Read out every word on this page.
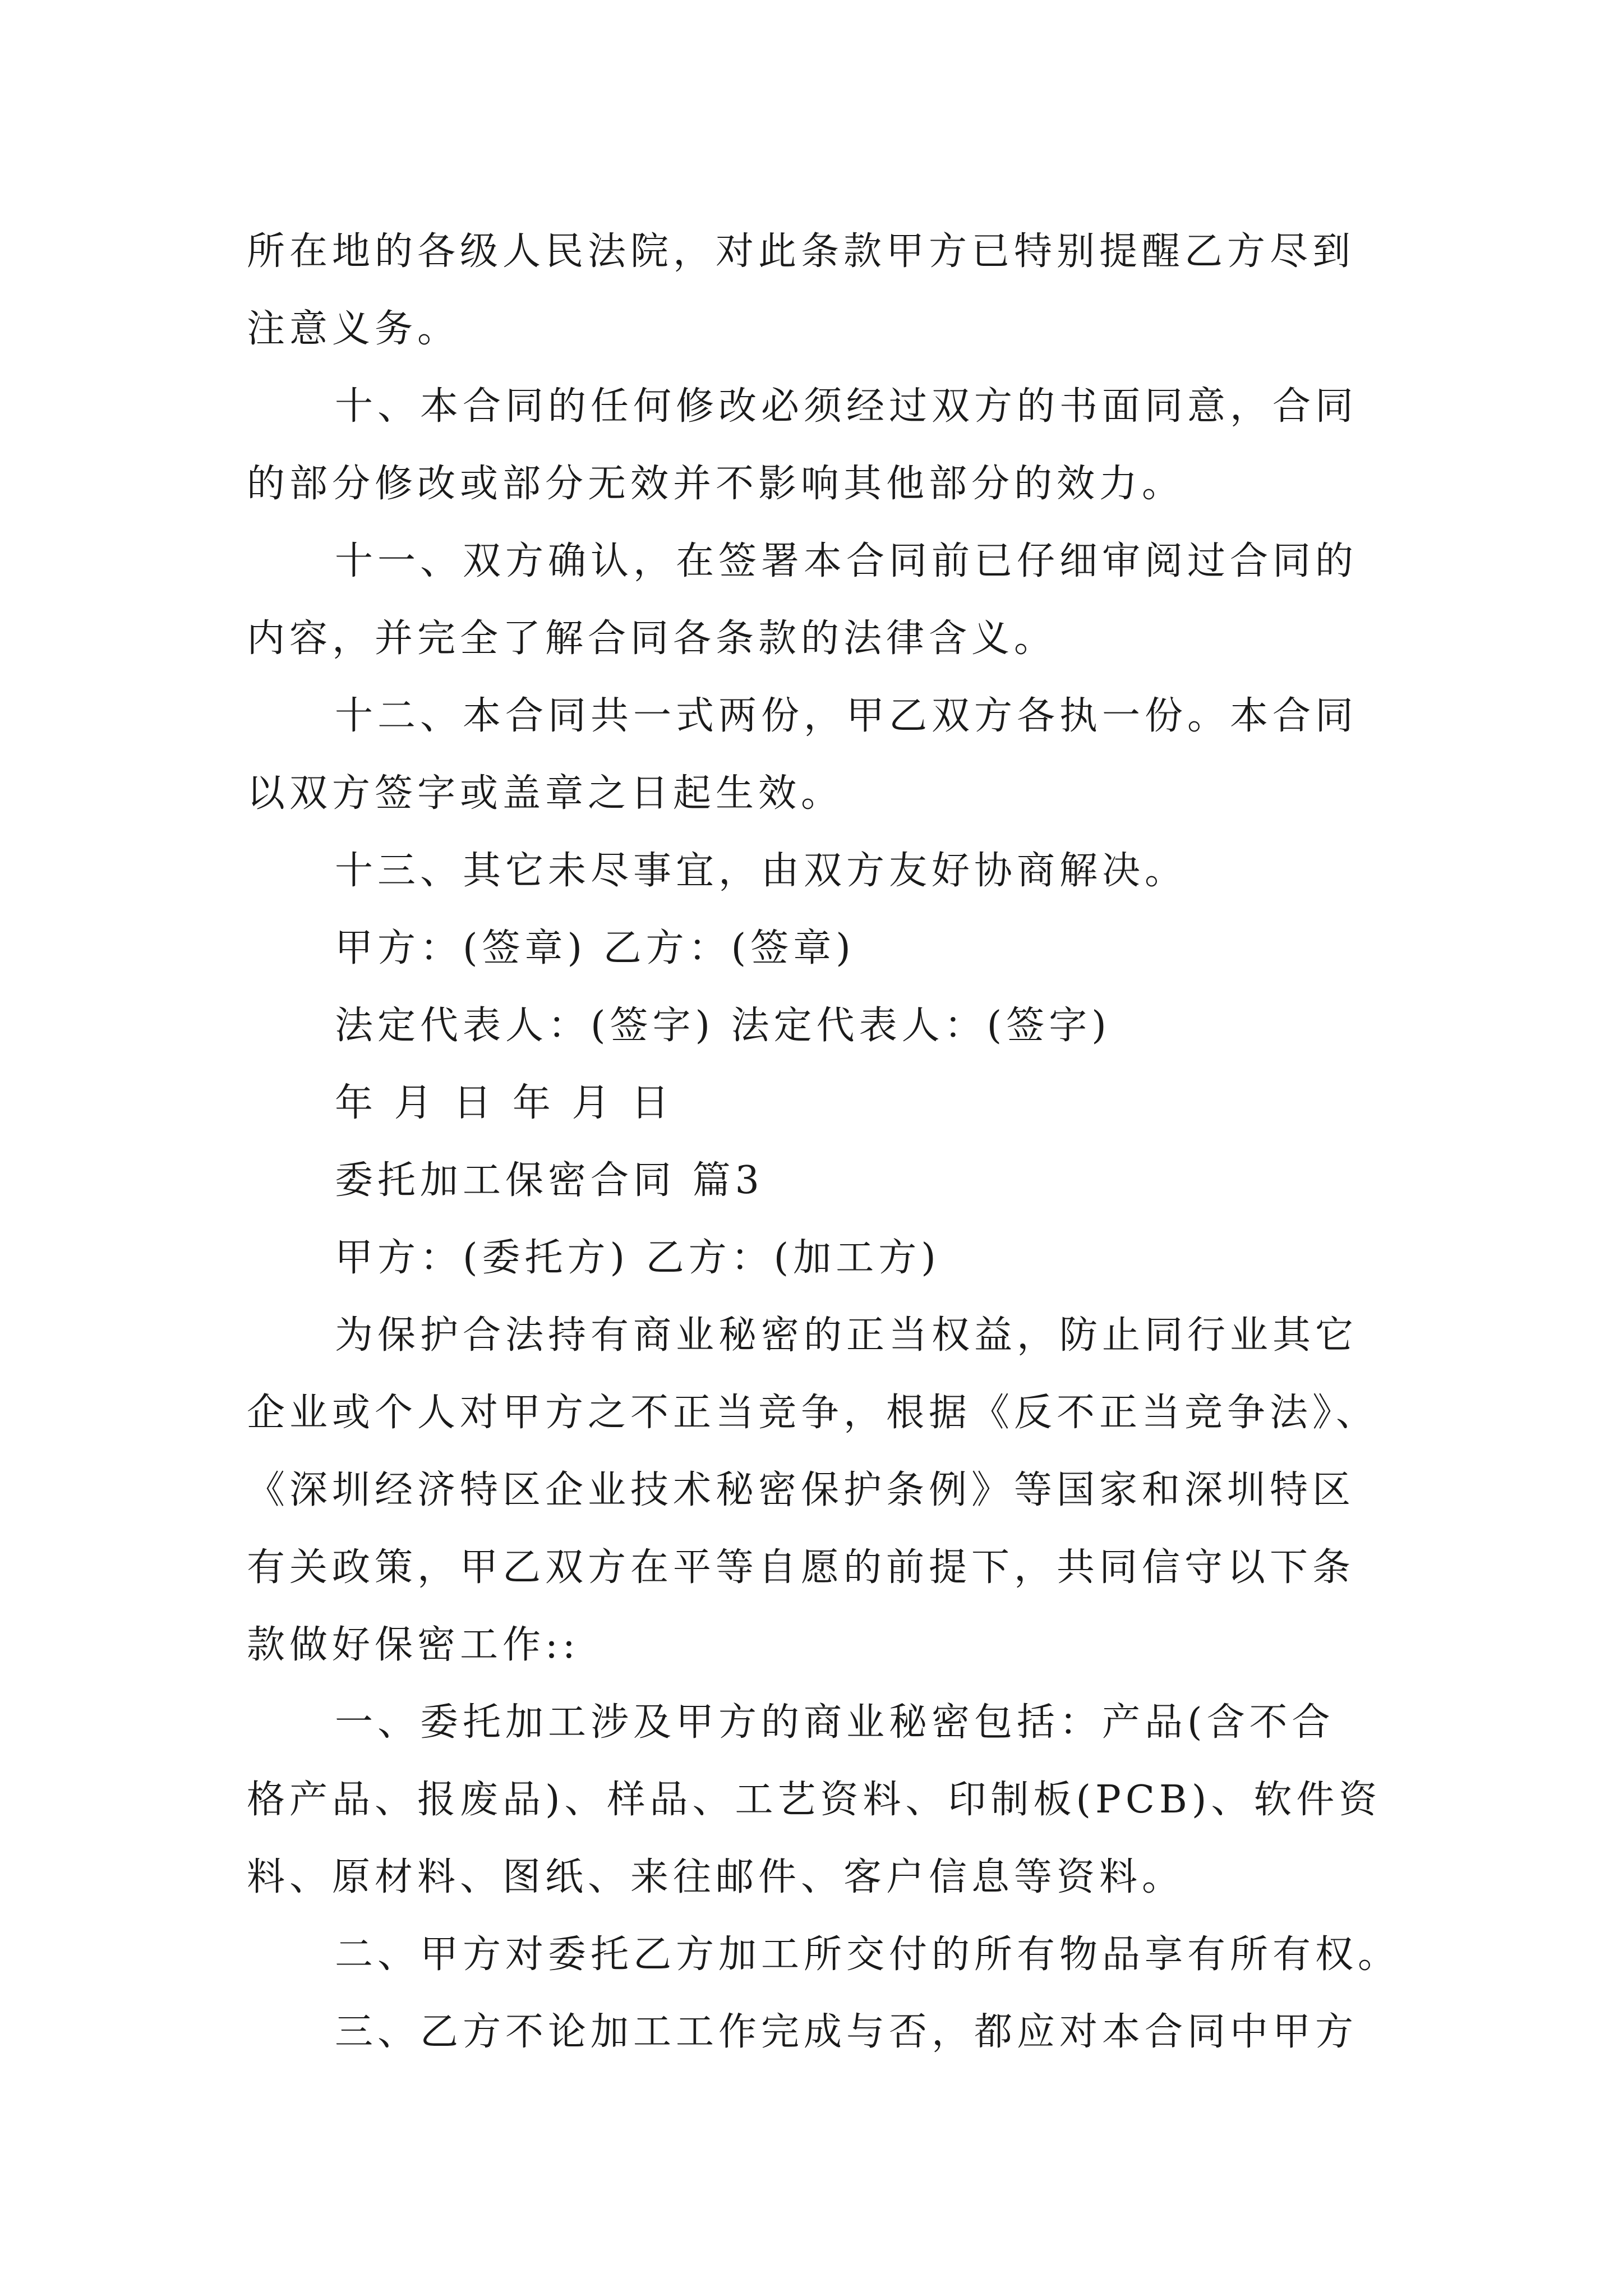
所在地的各级人民法院，对此条款甲方已特别提醒乙方尽到

注意义务。

十、本合同的任何修改必须经过双方的书面同意，合同

的部分修改或部分无效并不影响其他部分的效力。

十一、双方确认，在签署本合同前已仔细审阅过合同的

内容，并完全了解合同各条款的法律含义。

十二、本合同共一式两份，甲乙双方各执一份。本合同

以双方签字或盖章之日起生效。

十三、其它未尽事宜，由双方友好协商解决。

甲方：(签章) 乙方：(签章)

法定代表人：(签字) 法定代表人：(签字)

年 月 日 年 月 日

委托加工保密合同 篇3

甲方：(委托方) 乙方：(加工方)

为保护合法持有商业秘密的正当权益，防止同行业其它

企业或个人对甲方之不正当竞争，根据《反不正当竞争法》、

《深圳经济特区企业技术秘密保护条例》等国家和深圳特区

有关政策，甲乙双方在平等自愿的前提下，共同信守以下条

款做好保密工作::

一、委托加工涉及甲方的商业秘密包括：产品(含不合

格产品、报废品)、样品、工艺资料、印制板(PCB)、软件资

料、原材料、图纸、来往邮件、客户信息等资料。

二、甲方对委托乙方加工所交付的所有物品享有所有权。

三、乙方不论加工工作完成与否，都应对本合同中甲方
